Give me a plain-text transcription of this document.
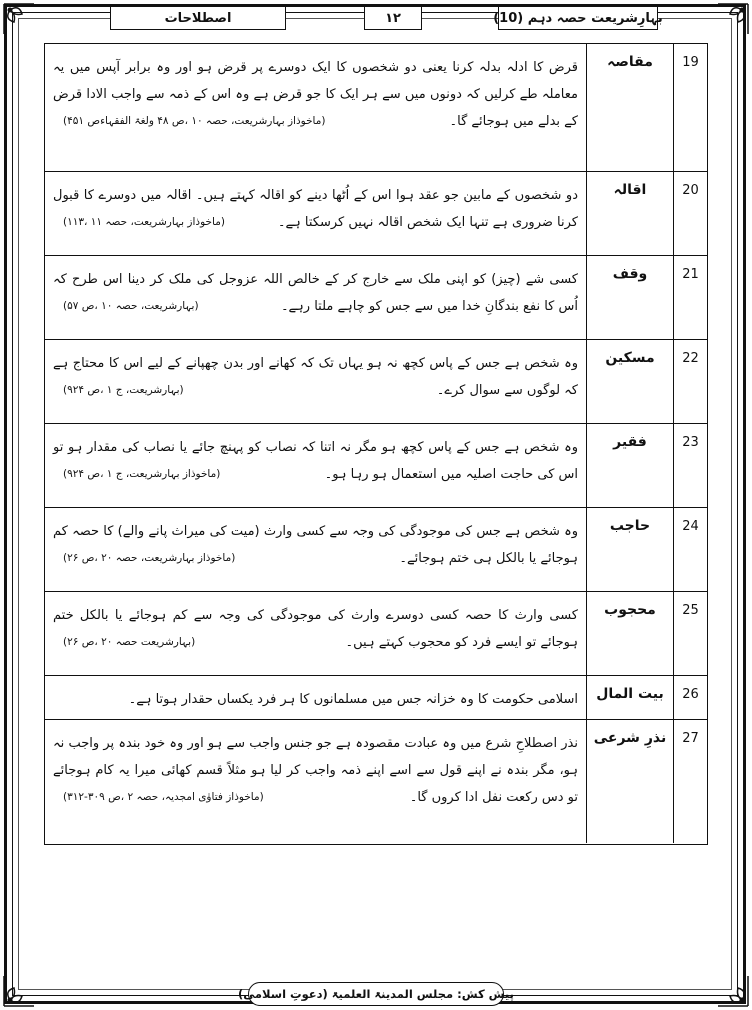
بہارِشریعت حصہ دہم (10)
۱۲
اصطلاحات
19
مقاصہ
قرض کا ادلہ بدلہ کرنا یعنی دو شخصوں کا ایک دوسرے پر قرض ہو اور وہ برابر آپس میں یہ معاملہ طے کرلیں کہ دونوں میں سے ہر ایک کا جو قرض ہے وہ اس کے ذمہ سے واجب الادا قرض کے بدلے میں ہوجائے گا۔
(ماخوذاز بہارشریعت، حصہ ۱۰ ،ص ۴۸ ولغۃ الفقہاءص ۴۵۱)
20
اقالہ
دو شخصوں کے مابین جو عقد ہوا اس کے اُٹھا دینے کو اقالہ کہتے ہیں۔ اقالہ میں دوسرے کا قبول کرنا ضروری ہے تنہا ایک شخص اقالہ نہیں کرسکتا ہے۔
(ماخوذاز بہارشریعت، حصہ ۱۱ ،۱۱۳)
21
وقف
کسی شے (چیز) کو اپنی ملک سے خارج کر کے خالص اللہ عزوجل کی ملک کر دینا اس طرح کہ اُس کا نفع بندگانِ خدا میں سے جس کو چاہے ملتا رہے۔
(بہارشریعت، حصہ ۱۰ ،ص ۵۷)
22
مسکین
وہ شخص ہے جس کے پاس کچھ نہ ہو یہاں تک کہ کھانے اور بدن چھپانے کے لیے اس کا محتاج ہے کہ لوگوں سے سوال کرے۔
(بہارشریعت، ج ۱ ،ص ۹۲۴)
23
فقیر
وہ شخص ہے جس کے پاس کچھ ہو مگر نہ اتنا کہ نصاب کو پہنچ جائے یا نصاب کی مقدار ہو تو اس کی حاجت اصلیہ میں استعمال ہو رہا ہو۔
(ماخوذاز بہارشریعت، ج ۱ ،ص ۹۲۴)
24
حاجب
وہ شخص ہے جس کی موجودگی کی وجہ سے کسی وارث (میت کی میراث پانے والے) کا حصہ کم ہوجائے یا بالکل ہی ختم ہوجائے۔
(ماخوذاز بہارشریعت، حصہ ۲۰ ،ص ۲۶)
25
محجوب
کسی وارث کا حصہ کسی دوسرے وارث کی موجودگی کی وجہ سے کم ہوجائے یا بالکل ختم ہوجائے تو ایسے فرد کو محجوب کہتے ہیں۔
(بہارشریعت حصہ ۲۰ ،ص ۲۶)
26
بیت المال
اسلامی حکومت کا وہ خزانہ جس میں مسلمانوں کا ہر فرد یکساں حقدار ہوتا ہے۔
27
نذرِ شرعی
نذر اصطلاحِ شرع میں وہ عبادت مقصودہ ہے جو جنس واجب سے ہو اور وہ خود بندہ پر واجب نہ ہو، مگر بندہ نے اپنے قول سے اسے اپنے ذمہ واجب کر لیا ہو مثلاً قسم کھائی میرا یہ کام ہوجائے تو دس رکعت نفل ادا کروں گا۔
(ماخوذاز فتاوٰی امجدیہ، حصہ ۲ ،ص ۳۰۹-۳۱۲)
پیش کش: مجلس المدینۃ العلمیۃ (دعوتِ اسلامی)
